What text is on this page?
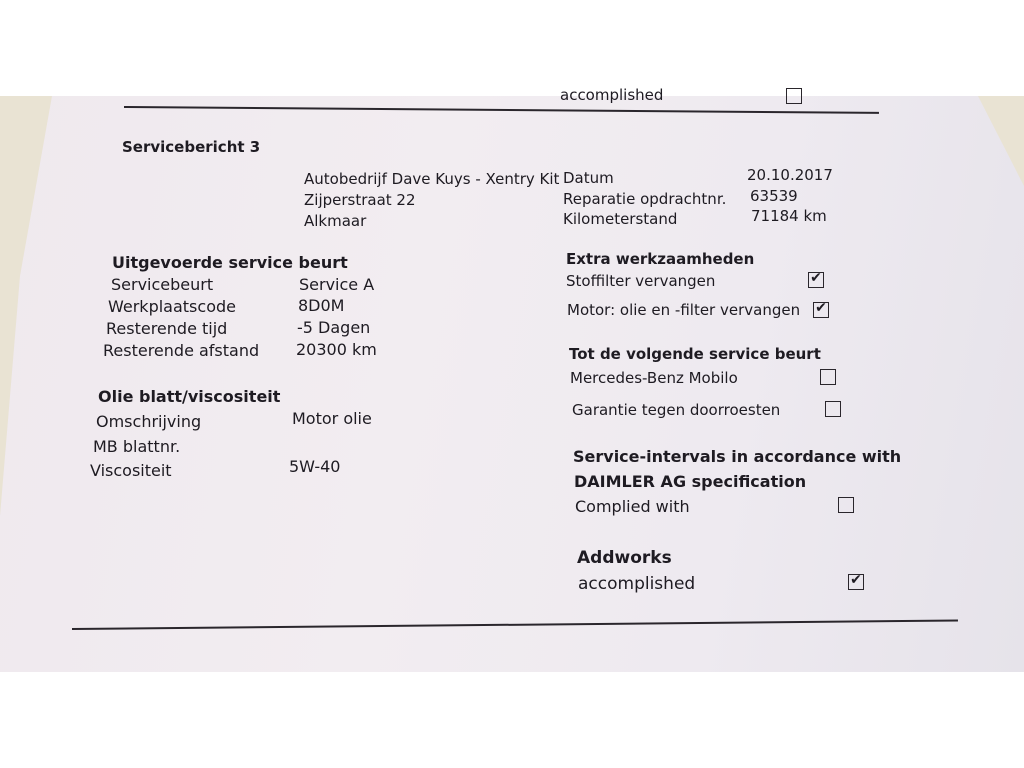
accomplished
Servicebericht 3
Autobedrijf Dave Kuys - Xentry Kit
Zijperstraat 22
Alkmaar
Datum	20.10.2017
Reparatie opdrachtnr. 63539
Kilometerstand	71184 km
Uitgevoerde service beurt
Servicebeurt	Service A
Werkplaatscode	8D0M
Resterende tijd	-5 Dagen
Resterende afstand 20300 km
Olie blatt/viscositeit
Omschrijving	Motor olie
MB blattnr.
Viscositeit	5W-40
Extra werkzaamheden
Stoffilter vervangen	✔
Motor: olie en -filter vervangen ✔
Tot de volgende service beurt
Mercedes-Benz Mobilo
Garantie tegen doorroesten
Service-intervals in accordance with
DAIMLER AG specification
Complied with
Addworks
accomplished	✔
